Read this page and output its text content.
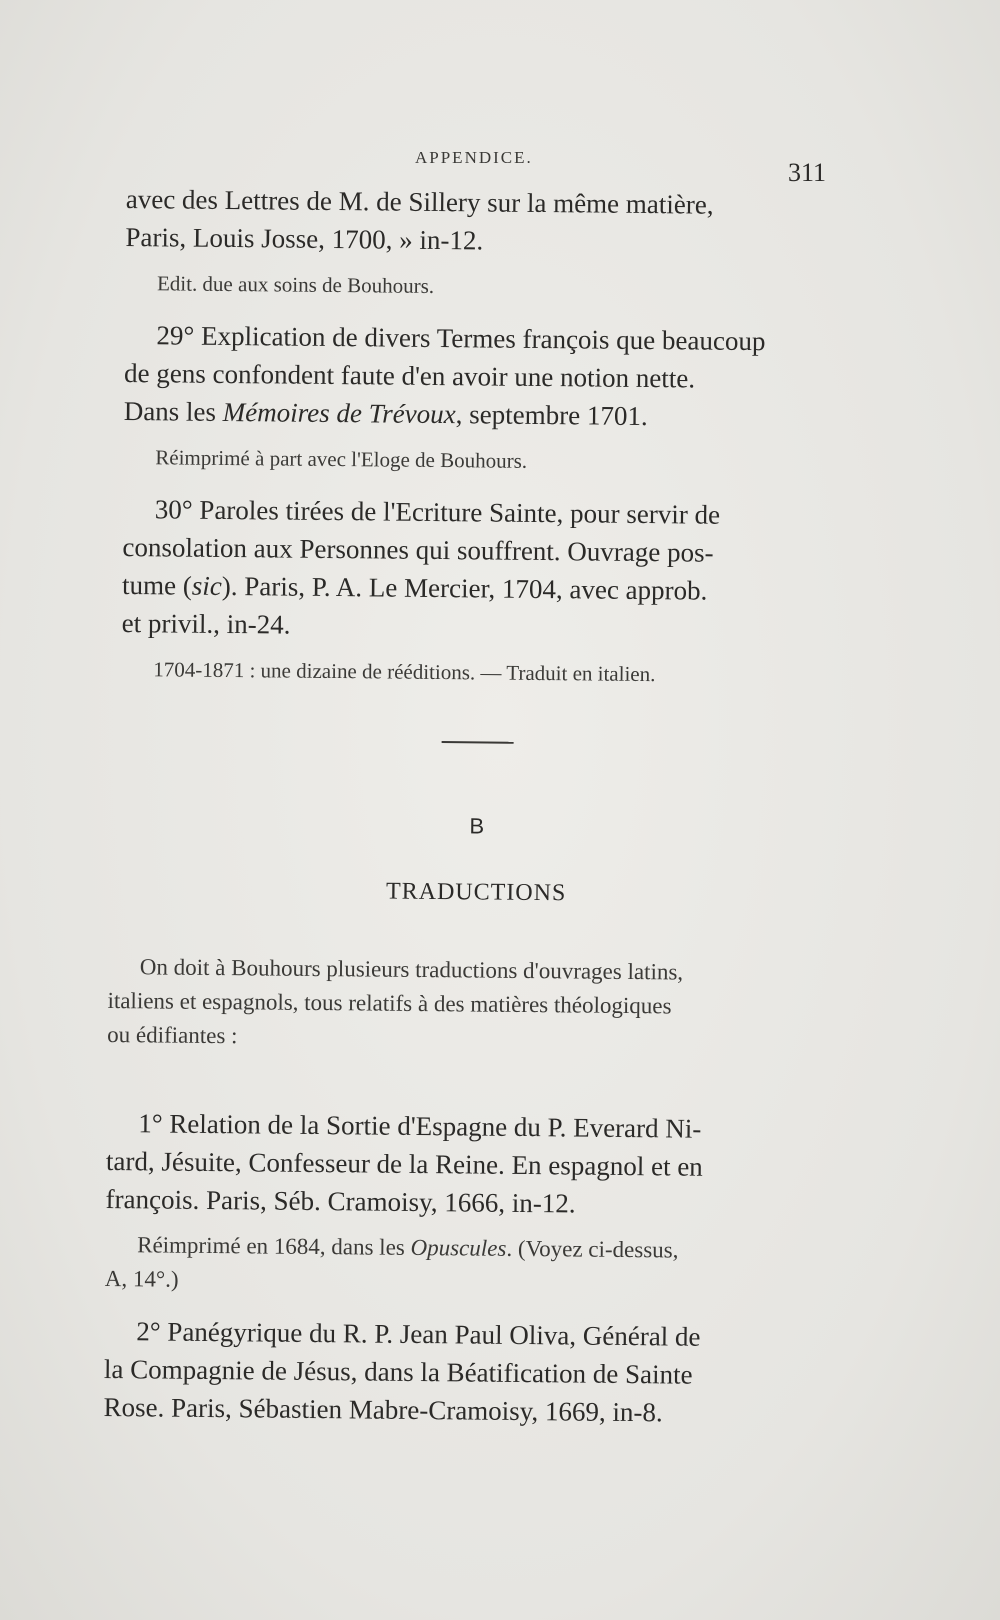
APPENDICE.
311
avec des Lettres de M. de Sillery sur la même matière,
Paris, Louis Josse, 1700, » in-12.
Edit. due aux soins de Bouhours.
29° Explication de divers Termes françois que beaucoup
de gens confondent faute d'en avoir une notion nette.
Dans les Mémoires de Trévoux, septembre 1701.
Réimprimé à part avec l'Eloge de Bouhours.
30° Paroles tirées de l'Ecriture Sainte, pour servir de
consolation aux Personnes qui souffrent. Ouvrage pos-
tume (sic). Paris, P. A. Le Mercier, 1704, avec approb.
et privil., in-24.
1704-1871 : une dizaine de rééditions. — Traduit en italien.
B
TRADUCTIONS
On doit à Bouhours plusieurs traductions d'ouvrages latins,
italiens et espagnols, tous relatifs à des matières théologiques
ou édifiantes :
1° Relation de la Sortie d'Espagne du P. Everard Ni-
tard, Jésuite, Confesseur de la Reine. En espagnol et en
françois. Paris, Séb. Cramoisy, 1666, in-12.
Réimprimé en 1684, dans les Opuscules. (Voyez ci-dessus,
A, 14°.)
2° Panégyrique du R. P. Jean Paul Oliva, Général de
la Compagnie de Jésus, dans la Béatification de Sainte
Rose. Paris, Sébastien Mabre-Cramoisy, 1669, in-8.
